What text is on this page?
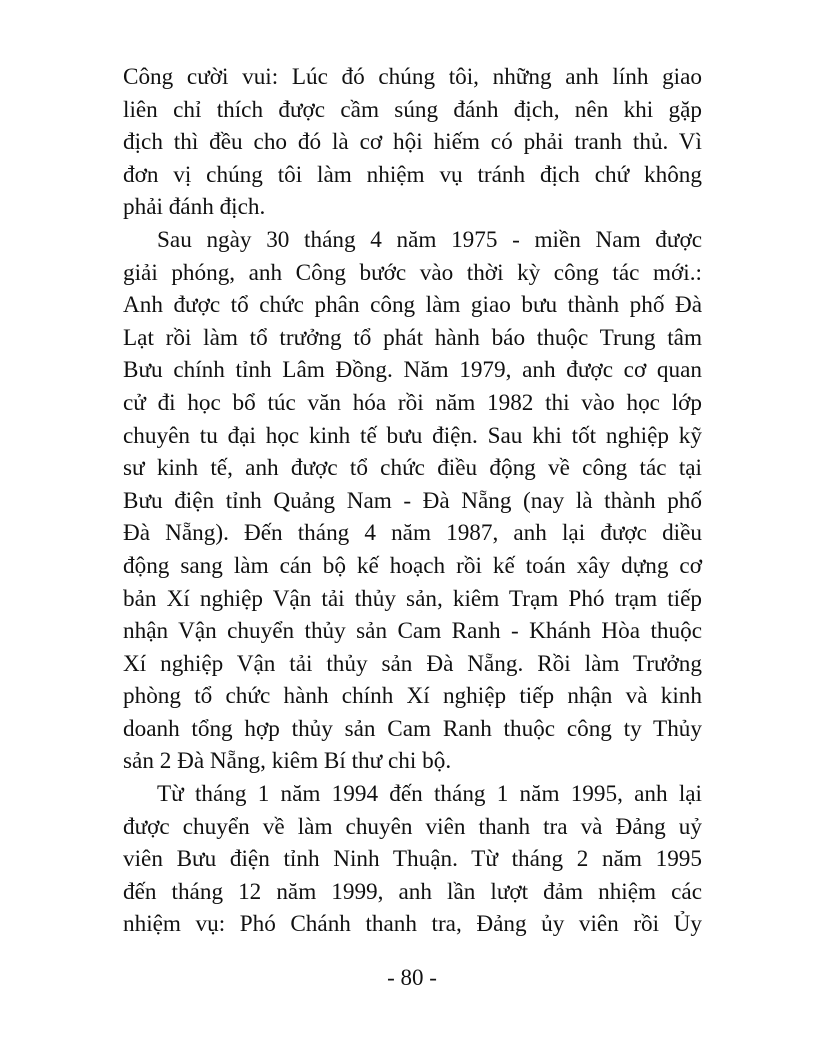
Công cười vui: Lúc đó chúng tôi, những anh lính giao
liên chỉ thích được cầm súng đánh địch, nên khi gặp
địch thì đều cho đó là cơ hội hiếm có phải tranh thủ. Vì
đơn vị chúng tôi làm nhiệm vụ tránh địch chứ không
phải đánh địch.
Sau ngày 30 tháng 4 năm 1975 - miền Nam được
giải phóng, anh Công bước vào thời kỳ công tác mới.:
Anh được tổ chức phân công làm giao bưu thành phố Đà
Lạt rồi làm tổ trưởng tổ phát hành báo thuộc Trung tâm
Bưu chính tỉnh Lâm Đồng. Năm 1979, anh được cơ quan
cử đi học bổ túc văn hóa rồi năm 1982 thi vào học lớp
chuyên tu đại học kinh tế bưu điện. Sau khi tốt nghiệp kỹ
sư kinh tế, anh được tổ chức điều động về công tác tại
Bưu điện tỉnh Quảng Nam - Đà Nẵng (nay là thành phố
Đà Nẵng). Đến tháng 4 năm 1987, anh lại được diều
động sang làm cán bộ kế hoạch rồi kế toán xây dựng cơ
bản Xí nghiệp Vận tải thủy sản, kiêm Trạm Phó trạm tiếp
nhận Vận chuyển thủy sản Cam Ranh - Khánh Hòa thuộc
Xí nghiệp Vận tải thủy sản Đà Nẵng. Rồi làm Trưởng
phòng tổ chức hành chính Xí nghiệp tiếp nhận và kinh
doanh tổng hợp thủy sản Cam Ranh thuộc công ty Thủy
sản 2 Đà Nẵng, kiêm Bí thư chi bộ.
Từ tháng 1 năm 1994 đến tháng 1 năm 1995, anh lại
được chuyển về làm chuyên viên thanh tra và Đảng uỷ
viên Bưu điện tỉnh Ninh Thuận. Từ tháng 2 năm 1995
đến tháng 12 năm 1999, anh lần lượt đảm nhiệm các
nhiệm vụ: Phó Chánh thanh tra, Đảng ủy viên rồi Ủy
- 80 -
